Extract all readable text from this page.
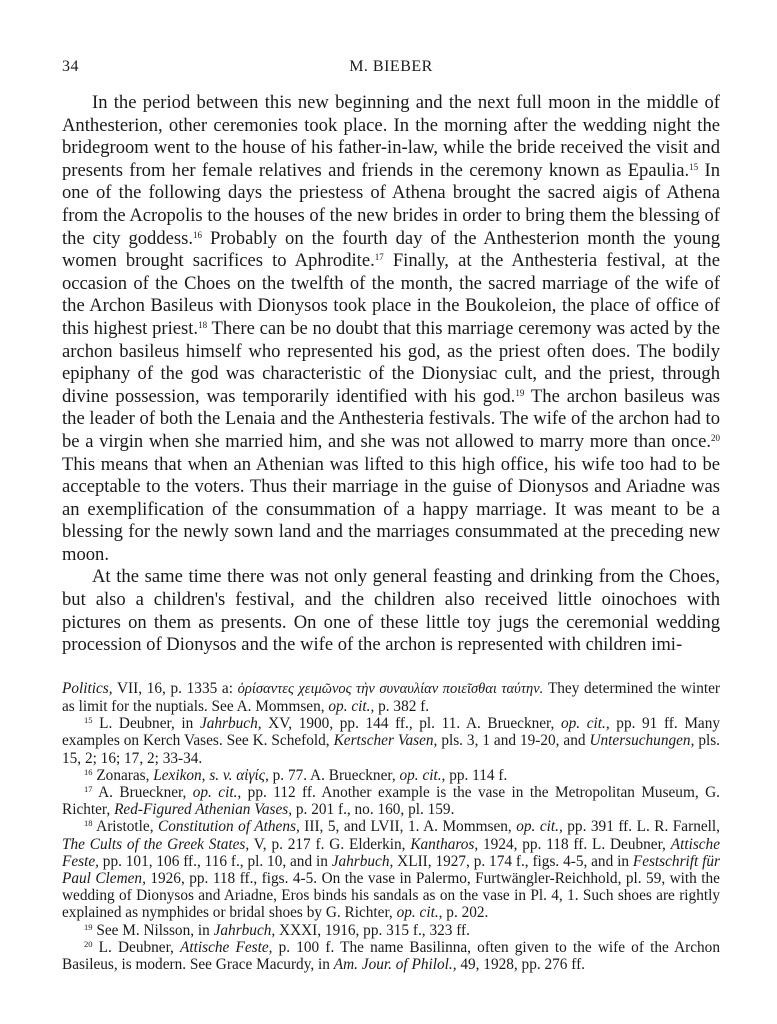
34	M. BIEBER

In the period between this new beginning and the next full moon in the middle of Anthesterion, other ceremonies took place. In the morning after the wedding night the bridegroom went to the house of his father-in-law, while the bride received the visit and presents from her female relatives and friends in the ceremony known as Epaulia.$^{15}$ In one of the following days the priestess of Athena brought the sacred aigis of Athena from the Acropolis to the houses of the new brides in order to bring them the blessing of the city goddess.$^{16}$ Probably on the fourth day of the Anthesterion month the young women brought sacrifices to Aphrodite.$^{17}$ Finally, at the Anthesteria festival, at the occasion of the Choes on the twelfth of the month, the sacred marriage of the wife of the Archon Basileus with Dionysos took place in the Boukoleion, the place of office of this highest priest.$^{18}$ There can be no doubt that this marriage ceremony was acted by the archon basileus himself who represented his god, as the priest often does. The bodily epiphany of the god was characteristic of the Dionysiac cult, and the priest, through divine possession, was temporarily identified with his god.$^{19}$ The archon basileus was the leader of both the Lenaia and the Anthesteria festivals. The wife of the archon had to be a virgin when she married him, and she was not allowed to marry more than once.$^{20}$ This means that when an Athenian was lifted to this high office, his wife too had to be acceptable to the voters. Thus their marriage in the guise of Dionysos and Ariadne was an exemplification of the consummation of a happy marriage. It was meant to be a blessing for the newly sown land and the marriages consummated at the preceding new moon.

At the same time there was not only general feasting and drinking from the Choes, but also a children's festival, and the children also received little oinochoes with pictures on them as presents. On one of these little toy jugs the ceremonial wedding procession of Dionysos and the wife of the archon is represented with children imi-

Politics, VII, 16, p. 1335 a: ὁρίσαντες χειμῶνος τὴν συναυλίαν ποιεῖσθαι ταύτην. They determined the winter as limit for the nuptials. See A. Mommsen, op. cit., p. 382 f.

$^{15}$ L. Deubner, in Jahrbuch, XV, 1900, pp. 144 ff., pl. 11. A. Brueckner, op. cit., pp. 91 ff. Many examples on Kerch Vases. See K. Schefold, Kertscher Vasen, pls. 3, 1 and 19-20, and Untersuchungen, pls. 15, 2; 16; 17, 2; 33-34.

$^{16}$ Zonaras, Lexikon, s. v. αἰγίς, p. 77. A. Brueckner, op. cit., pp. 114 f.

$^{17}$ A. Brueckner, op. cit., pp. 112 ff. Another example is the vase in the Metropolitan Museum, G. Richter, Red-Figured Athenian Vases, p. 201 f., no. 160, pl. 159.

$^{18}$ Aristotle, Constitution of Athens, III, 5, and LVII, 1. A. Mommsen, op. cit., pp. 391 ff. L. R. Farnell, The Cults of the Greek States, V, p. 217 f. G. Elderkin, Kantharos, 1924, pp. 118 ff. L. Deubner, Attische Feste, pp. 101, 106 ff., 116 f., pl. 10, and in Jahrbuch, XLII, 1927, p. 174 f., figs. 4-5, and in Festschrift für Paul Clemen, 1926, pp. 118 ff., figs. 4-5. On the vase in Palermo, Furtwängler-Reichhold, pl. 59, with the wedding of Dionysos and Ariadne, Eros binds his sandals as on the vase in Pl. 4, 1. Such shoes are rightly explained as nymphides or bridal shoes by G. Richter, op. cit., p. 202.

$^{19}$ See M. Nilsson, in Jahrbuch, XXXI, 1916, pp. 315 f., 323 ff.

$^{20}$ L. Deubner, Attische Feste, p. 100 f. The name Basilinna, often given to the wife of the Archon Basileus, is modern. See Grace Macurdy, in Am. Jour. of Philol., 49, 1928, pp. 276 ff.
